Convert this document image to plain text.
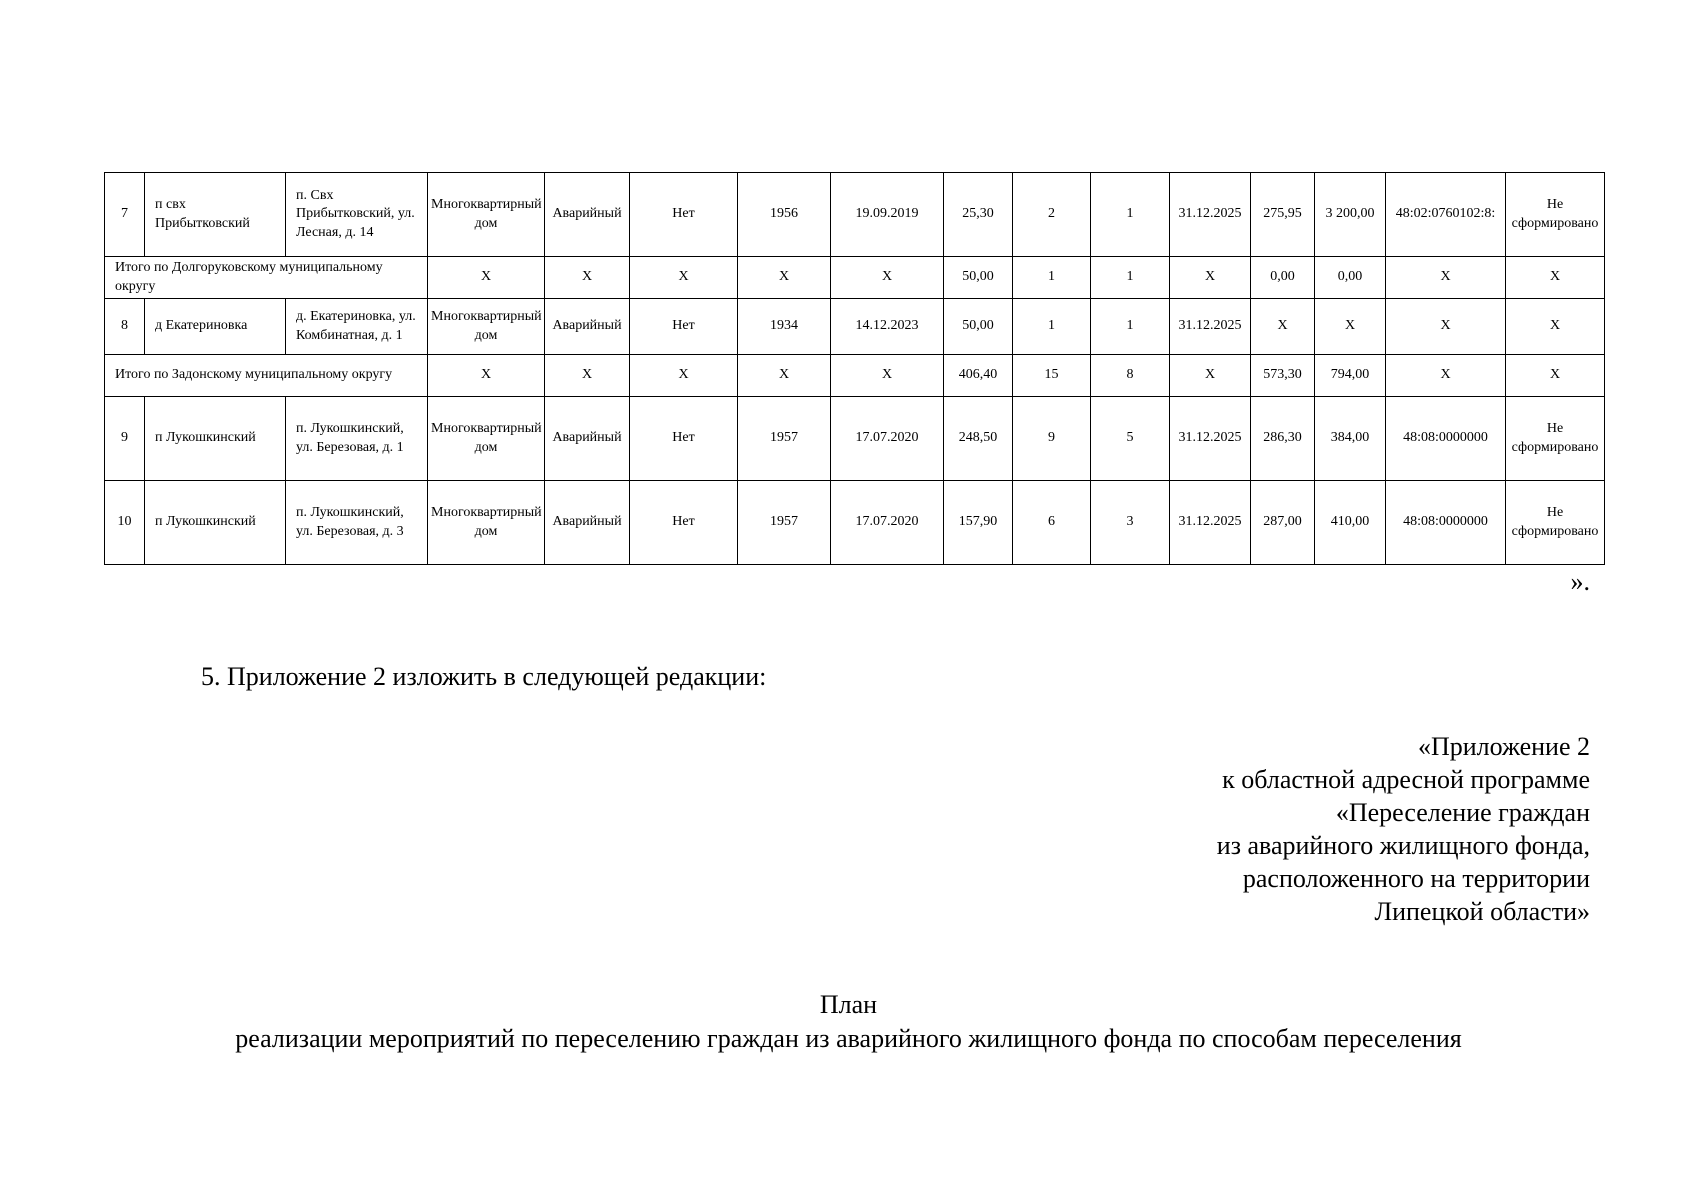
7	п свх Прибытковский	п. Свх Прибытковский, ул. Лесная, д. 14	Многоквартирный дом	Аварийный	Нет	1956	19.09.2019	25,30	2	1	31.12.2025	275,95	3 200,00	48:02:0760102:8:	Не сформировано
Итого по Долгоруковскому муниципальному округу			X	X	X	X	X	50,00	1	1	X	0,00	0,00	X	X
8	д Екатериновка	д. Екатериновка, ул. Комбинатная, д. 1	Многоквартирный дом	Аварийный	Нет	1934	14.12.2023	50,00	1	1	31.12.2025	X	X	X	X
Итого по Задонскому муниципальному округу			X	X	X	X	X	406,40	15	8	X	573,30	794,00	X	X
9	п Лукошкинский	п. Лукошкинский, ул. Березовая, д. 1	Многоквартирный дом	Аварийный	Нет	1957	17.07.2020	248,50	9	5	31.12.2025	286,30	384,00	48:08:0000000	Не сформировано
10	п Лукошкинский	п. Лукошкинский, ул. Березовая, д. 3	Многоквартирный дом	Аварийный	Нет	1957	17.07.2020	157,90	6	3	31.12.2025	287,00	410,00	48:08:0000000	Не сформировано
».
5. Приложение 2 изложить в следующей редакции:
«Приложение 2
к областной адресной программе
«Переселение граждан
из аварийного жилищного фонда,
расположенного на территории
Липецкой области»
План
реализации мероприятий по переселению граждан из аварийного жилищного фонда по способам переселения
